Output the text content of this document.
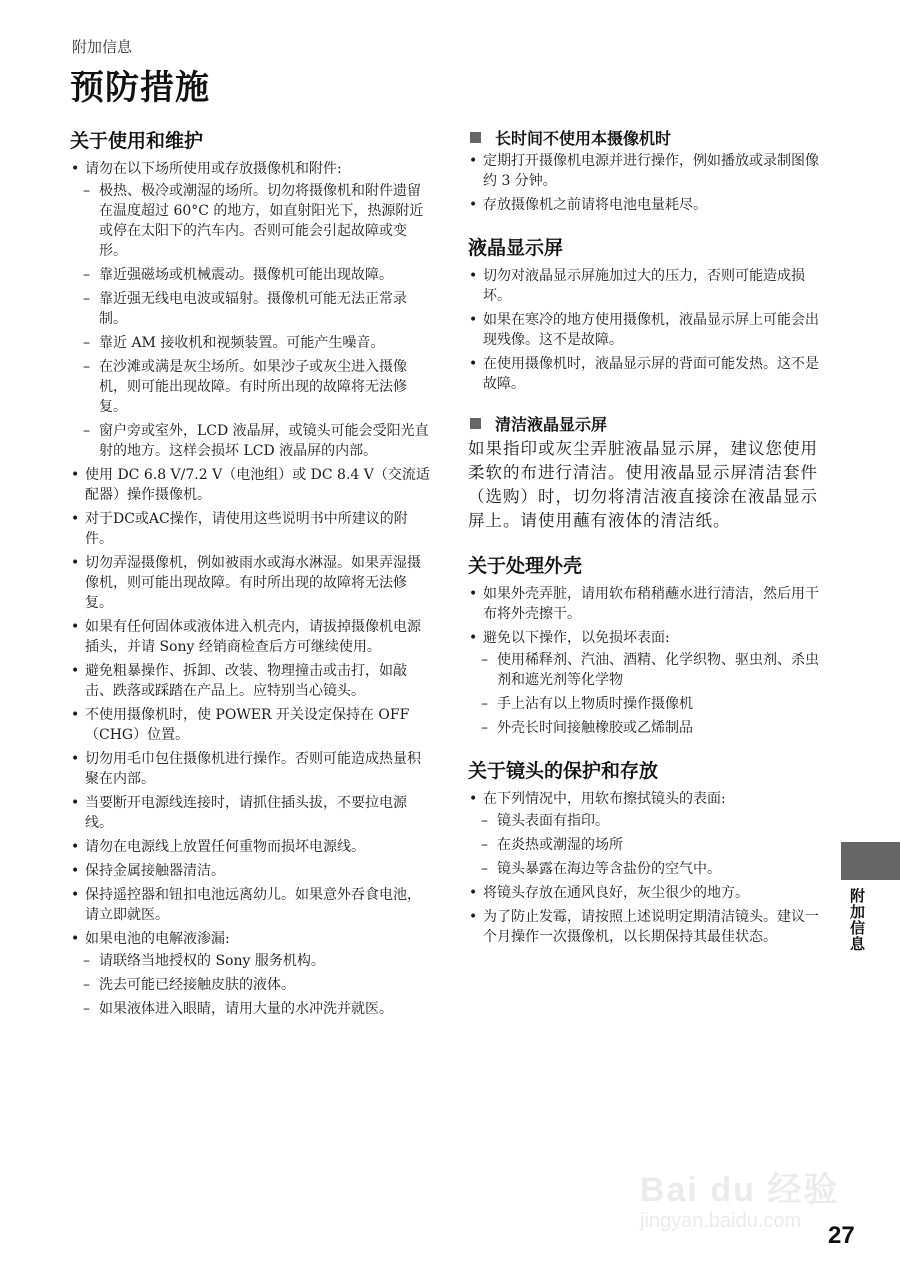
附加信息
预防措施
关于使用和维护
• 请勿在以下场所使用或存放摄像机和附件:
– 极热、极冷或潮湿的场所。切勿将摄像机和附件遗留在温度超过 60°C 的地方，如直射阳光下，热源附近或停在太阳下的汽车内。否则可能会引起故障或变形。
– 靠近强磁场或机械震动。摄像机可能出现故障。
– 靠近强无线电电波或辐射。摄像机可能无法正常录制。
– 靠近 AM 接收机和视频装置。可能产生噪音。
– 在沙滩或满是灰尘场所。如果沙子或灰尘进入摄像机，则可能出现故障。有时所出现的故障将无法修复。
– 窗户旁或室外，LCD 液晶屏，或镜头可能会受阳光直射的地方。这样会损坏 LCD 液晶屏的内部。
• 使用 DC 6.8 V/7.2 V（电池组）或 DC 8.4 V（交流适配器）操作摄像机。
• 对于DC或AC操作，请使用这些说明书中所建议的附件。
• 切勿弄湿摄像机，例如被雨水或海水淋湿。如果弄湿摄像机，则可能出现故障。有时所出现的故障将无法修复。
• 如果有任何固体或液体进入机壳内，请拔掉摄像机电源插头，并请 Sony 经销商检查后方可继续使用。
• 避免粗暴操作、拆卸、改装、物理撞击或击打，如敲击、跌落或踩踏在产品上。应特别当心镜头。
• 不使用摄像机时，使 POWER 开关设定保持在 OFF（CHG）位置。
• 切勿用毛巾包住摄像机进行操作。否则可能造成热量积聚在内部。
• 当要断开电源线连接时，请抓住插头拔，不要拉电源线。
• 请勿在电源线上放置任何重物而损坏电源线。
• 保持金属接触器清洁。
• 保持遥控器和钮扣电池远离幼儿。如果意外吞食电池，请立即就医。
• 如果电池的电解液渗漏:
– 请联络当地授权的 Sony 服务机构。
– 洗去可能已经接触皮肤的液体。
– 如果液体进入眼睛，请用大量的水冲洗并就医。
长时间不使用本摄像机时
• 定期打开摄像机电源并进行操作，例如播放或录制图像约 3 分钟。
• 存放摄像机之前请将电池电量耗尽。
液晶显示屏
• 切勿对液晶显示屏施加过大的压力，否则可能造成损坏。
• 如果在寒冷的地方使用摄像机，液晶显示屏上可能会出现残像。这不是故障。
• 在使用摄像机时，液晶显示屏的背面可能发热。这不是故障。
清洁液晶显示屏

如果指印或灰尘弄脏液晶显示屏，建议您使用柔软的布进行清洁。使用液晶显示屏清洁套件 （选购）时，切勿将清洁液直接涂在液晶显示屏上。请使用蘸有液体的清洁纸。

关于处理外壳
• 如果外壳弄脏，请用软布稍稍蘸水进行清洁，然后用干布将外壳擦干。
• 避免以下操作，以免损坏表面:
– 使用稀释剂、汽油、酒精、化学织物、驱虫剂、杀虫剂和遮光剂等化学物
– 手上沾有以上物质时操作摄像机
– 外壳长时间接触橡胶或乙烯制品
关于镜头的保护和存放
• 在下列情况中，用软布擦拭镜头的表面:
– 镜头表面有指印。
– 在炎热或潮湿的场所
– 镜头暴露在海边等含盐份的空气中。
• 将镜头存放在通风良好，灰尘很少的地方。
• 为了防止发霉，请按照上述说明定期清洁镜头。建议一个月操作一次摄像机，以长期保持其最佳状态。	附加信息
Bai du 经验
jingyan.baidu.com
27
